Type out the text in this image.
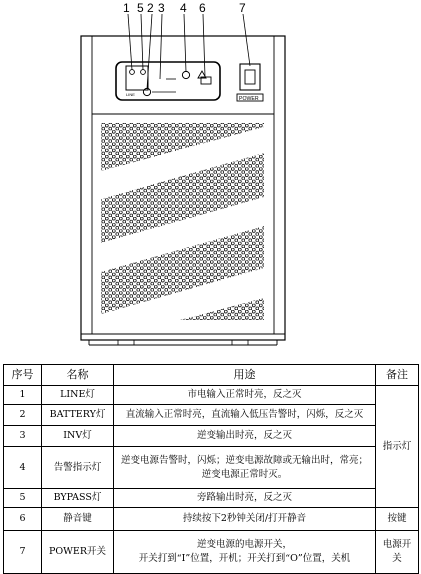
LINE
POWER
1 5 2 3 4 6	7
序号	名称	用途	备注
1	LINE灯	市电输入正常时亮，反之灭	指示灯
2	BATTERY灯	直流输入正常时亮，直流输入低压告警时，闪烁，反之灭	
3	INV灯	逆变输出时亮，反之灭	
4	告警指示灯	逆变电源告警时，闪烁；逆变电源故障或无输出时，常亮；
逆变电源正常时灭。	

5	BYPASS灯	旁路输出时亮，反之灭	
6	静音键	持续按下2秒钟关闭/打开静音	按键
7	POWER开关	逆变电源的电源开关，
开关打到“I”位置，开机；开关打到“O”位置，关机	电源开关
